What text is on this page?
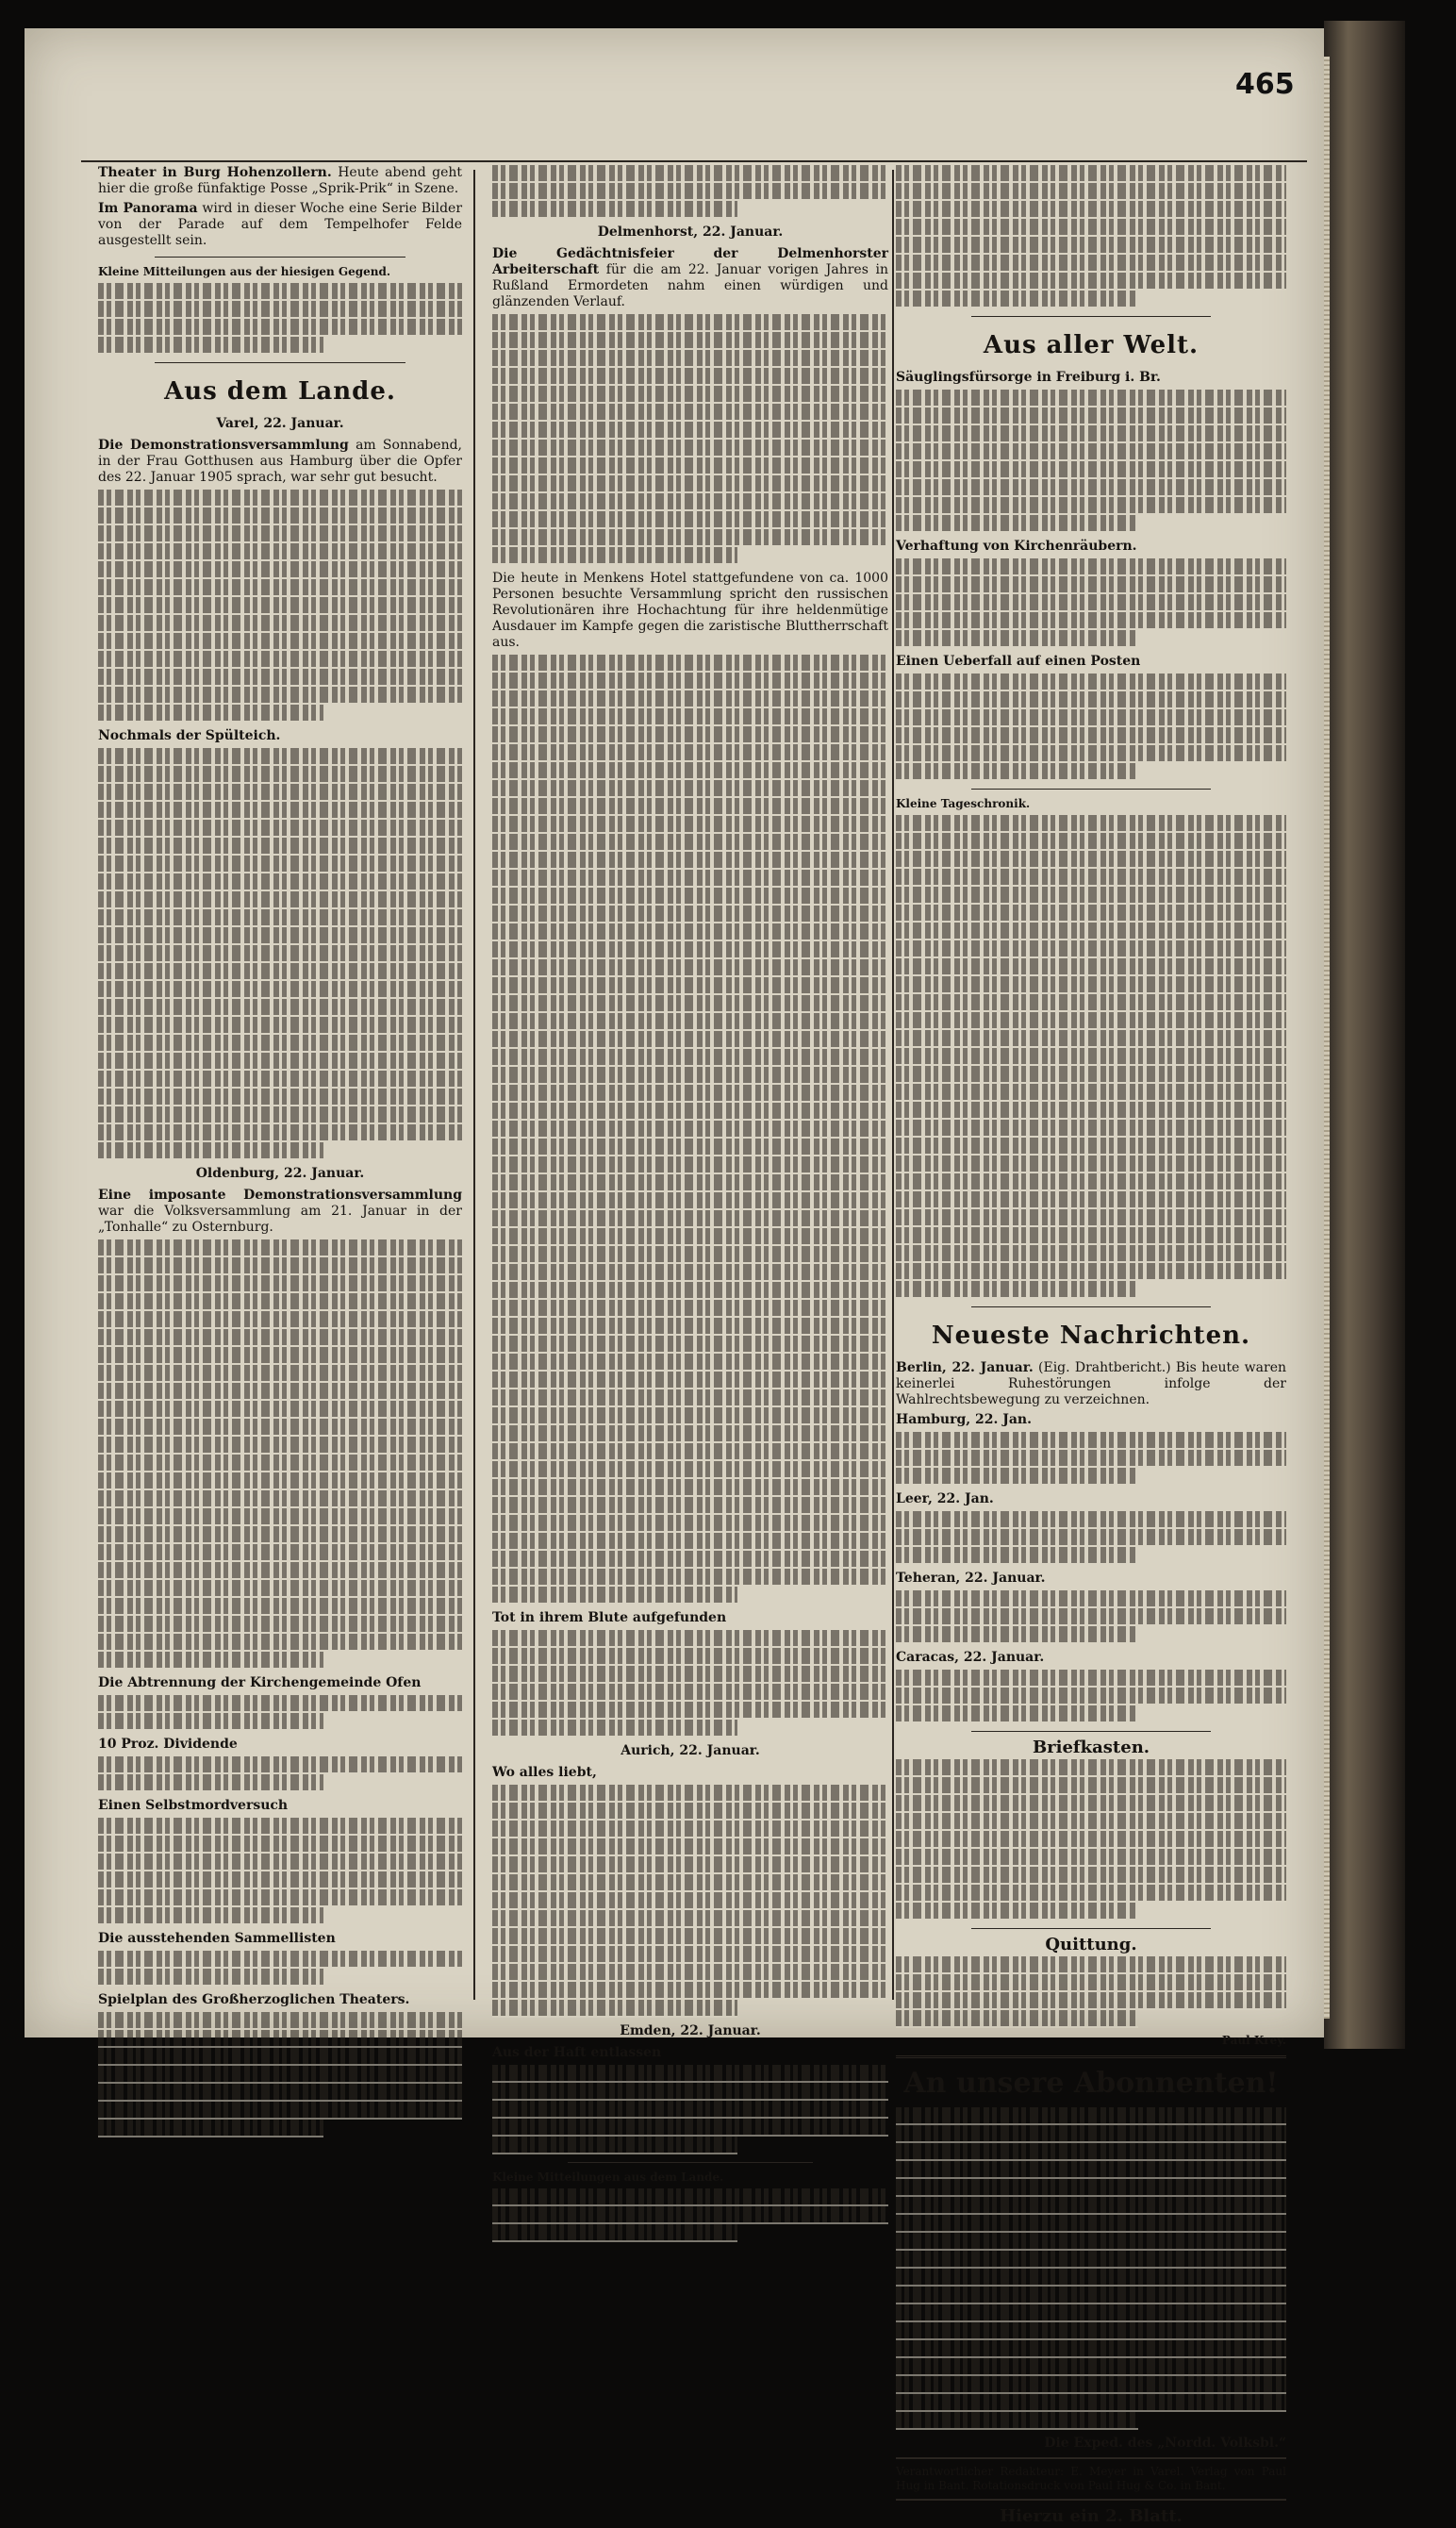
465

Theater in Burg Hohenzollern. Heute abend geht hier die große fünfaktige Posse „Sprik-Prik“ in Szene.

Im Panorama wird in dieser Woche eine Serie Bilder von der Parade auf dem Tempelhofer Felde ausgestellt sein.

Kleine Mitteilungen aus der hiesigen Gegend.

Aus dem Lande.
Varel, 22. Januar.

Die Demonstrationsversammlung am Sonnabend, in der Frau Gotthusen aus Hamburg über die Opfer des 22. Januar 1905 sprach, war sehr gut besucht.

Nochmals der Spülteich.

Oldenburg, 22. Januar.

Eine imposante Demonstrationsversammlung war die Volksversammlung am 21. Januar in der „Tonhalle“ zu Osternburg.

Die Abtrennung der Kirchengemeinde Ofen

10 Proz. Dividende

Einen Selbstmordversuch

Die ausstehenden Sammellisten

Spielplan des Großherzoglichen Theaters.

Delmenhorst, 22. Januar.

Die Gedächtnisfeier der Delmenhorster Arbeiterschaft für die am 22. Januar vorigen Jahres in Rußland Ermordeten nahm einen würdigen und glänzenden Verlauf.

Die heute in Menkens Hotel stattgefundene von ca. 1000 Personen besuchte Versammlung spricht den russischen Revolutionären ihre Hochachtung für ihre heldenmütige Ausdauer im Kampfe gegen die zaristische Bluttherrschaft aus.

Tot in ihrem Blute aufgefunden

Aurich, 22. Januar.

Wo alles liebt,

Emden, 22. Januar.

Aus der Haft entlassen

Kleine Mitteilungen aus dem Lande.

Aus aller Welt.

Säuglingsfürsorge in Freiburg i. Br.

Verhaftung von Kirchenräubern.

Einen Ueberfall auf einen Posten

Kleine Tageschronik.

Neueste Nachrichten.

Berlin, 22. Januar. (Eig. Drahtbericht.) Bis heute waren keinerlei Ruhestörungen infolge der Wahlrechtsbewegung zu verzeichnen.

Hamburg, 22. Jan.

Leer, 22. Jan.

Teheran, 22. Januar.

Caracas, 22. Januar.

Briefkasten.
Quittung.

Paul Krey.

An unsere Abonnenten!

Die Exped. des „Nordd. Volksbl.“

Verantwortlicher Redakteur: E. Meyer in Varel. Verlag von Paul Hug in Bant. Rotationsdruck von Paul Hug & Co. in Bant.

Hierzu ein 2. Blatt.
